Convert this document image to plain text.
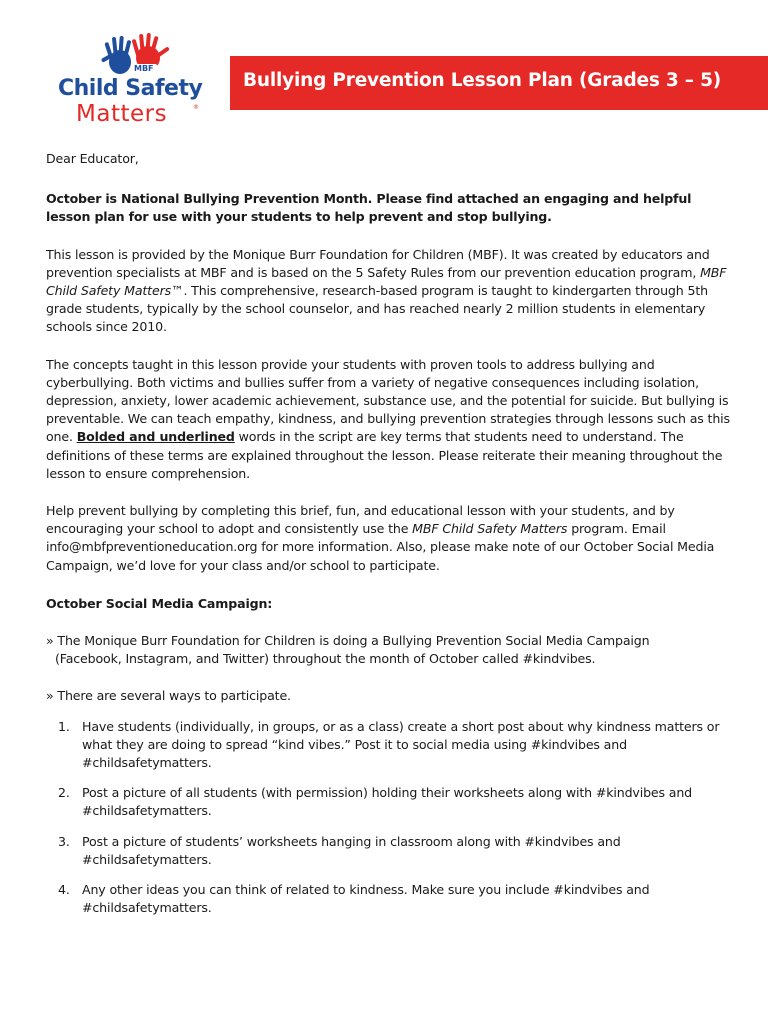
MBF
Child Safety
Matters	®
Bullying Prevention Lesson Plan (Grades 3 – 5)

Dear Educator,

October is National Bullying Prevention Month. Please find attached an engaging and helpful lesson plan for use with your students to help prevent and stop bullying.

This lesson is provided by the Monique Burr Foundation for Children (MBF). It was created by educators and prevention specialists at MBF and is based on the 5 Safety Rules from our prevention education program, MBF Child Safety Matters™. This comprehensive, research-based program is taught to kindergarten through 5th grade students, typically by the school counselor, and has reached nearly 2 million students in elementary schools since 2010.

The concepts taught in this lesson provide your students with proven tools to address bullying and cyberbullying. Both victims and bullies suffer from a variety of negative consequences including isolation, depression, anxiety, lower academic achievement, substance use, and the potential for suicide. But bullying is preventable. We can teach empathy, kindness, and bullying prevention strategies through lessons such as this one. Bolded and underlined words in the script are key terms that students need to understand. The definitions of these terms are explained throughout the lesson. Please reiterate their meaning throughout the lesson to ensure comprehension.

Help prevent bullying by completing this brief, fun, and educational lesson with your students, and by encouraging your school to adopt and consistently use the MBF Child Safety Matters program. Email info@mbfpreventioneducation.org for more information. Also, please make note of our October Social Media Campaign, we’d love for your class and/or school to participate.

October Social Media Campaign:

» The Monique Burr Foundation for Children is doing a Bullying Prevention Social Media Campaign
(Facebook, Instagram, and Twitter) throughout the month of October called #kindvibes.

» There are several ways to participate.

1. Have students (individually, in groups, or as a class) create a short post about why kindness matters or what they are doing to spread “kind vibes.” Post it to social media using #kindvibes and #childsafetymatters.
2. Post a picture of all students (with permission) holding their worksheets along with #kindvibes and #childsafetymatters.
3. Post a picture of students’ worksheets hanging in classroom along with #kindvibes and #childsafetymatters.
4. Any other ideas you can think of related to kindness. Make sure you include #kindvibes and #childsafetymatters.
